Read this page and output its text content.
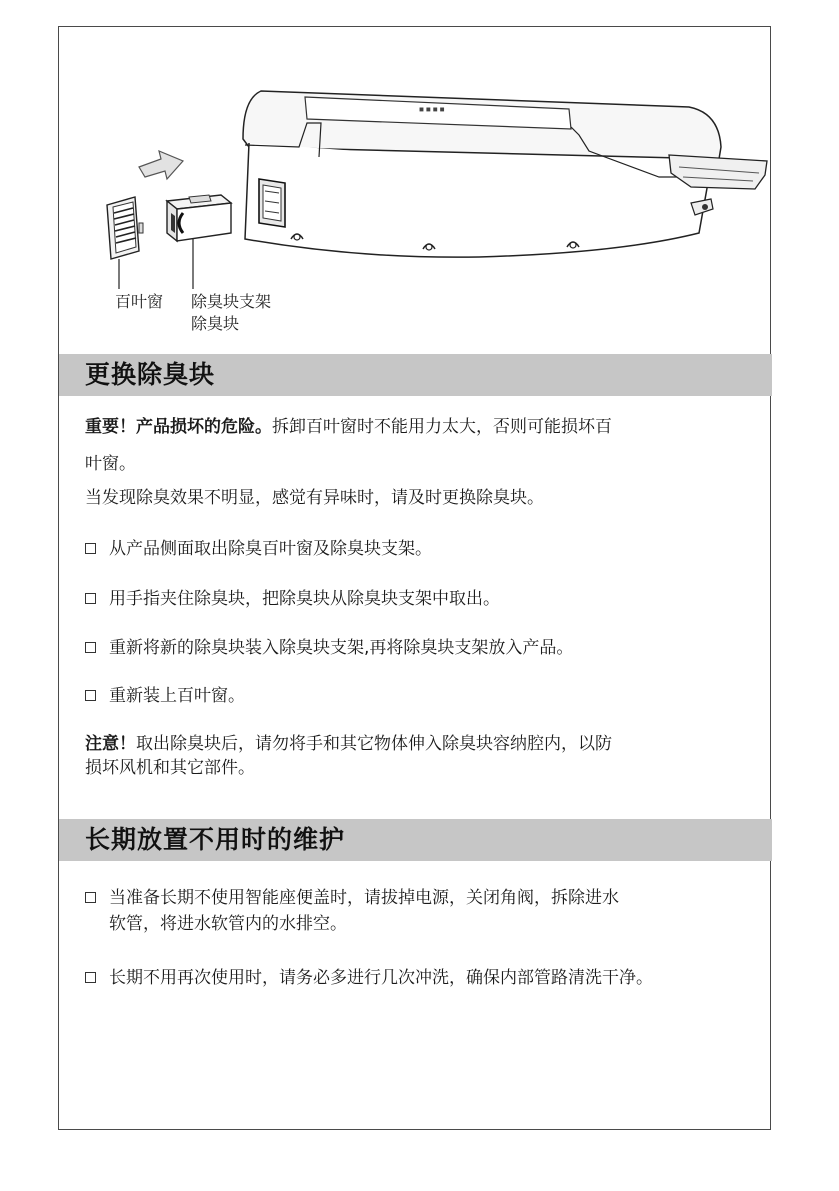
◼ ◼ ◼ ◼
百叶窗 除臭块支架
除臭块
更换除臭块

重要！产品损坏的危险。拆卸百叶窗时不能用力太大，否则可能损坏百

叶窗。

当发现除臭效果不明显，感觉有异味时，请及时更换除臭块。

从产品侧面取出除臭百叶窗及除臭块支架。
用手指夹住除臭块，把除臭块从除臭块支架中取出。
重新将新的除臭块装入除臭块支架,再将除臭块支架放入产品。
重新装上百叶窗。

注意！取出除臭块后，请勿将手和其它物体伸入除臭块容纳腔内，以防

损坏风机和其它部件。

长期放置不用时的维护
当准备长期不使用智能座便盖时，请拔掉电源，关闭角阀，拆除进水
软管，将进水软管内的水排空。
长期不用再次使用时，请务必多进行几次冲洗，确保内部管路清洗干净。
